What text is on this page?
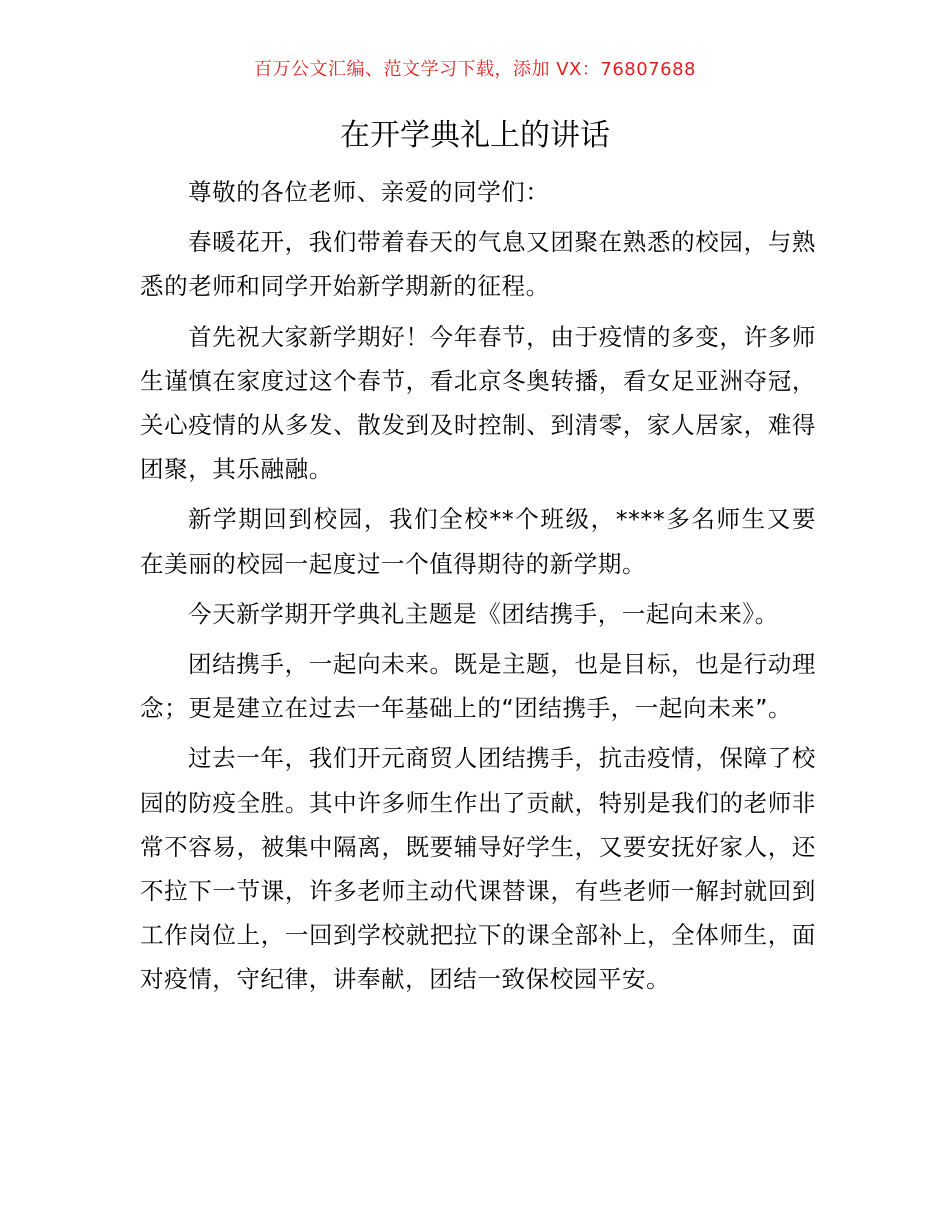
百万公文汇编、范文学习下载，添加 VX：76807688
在开学典礼上的讲话

尊敬的各位老师、亲爱的同学们：

春暖花开，我们带着春天的气息又团聚在熟悉的校园，与熟悉的老师和同学开始新学期新的征程。

首先祝大家新学期好！今年春节，由于疫情的多变，许多师生谨慎在家度过这个春节，看北京冬奥转播，看女足亚洲夺冠，关心疫情的从多发、散发到及时控制、到清零，家人居家，难得团聚，其乐融融。

新学期回到校园，我们全校**个班级，****多名师生又要在美丽的校园一起度过一个值得期待的新学期。

今天新学期开学典礼主题是《团结携手，一起向未来》。

团结携手，一起向未来。既是主题，也是目标，也是行动理念；更是建立在过去一年基础上的“团结携手，一起向未来”。

过去一年，我们开元商贸人团结携手，抗击疫情，保障了校园的防疫全胜。其中许多师生作出了贡献，特别是我们的老师非常不容易，被集中隔离，既要辅导好学生，又要安抚好家人，还不拉下一节课，许多老师主动代课替课，有些老师一解封就回到工作岗位上，一回到学校就把拉下的课全部补上，全体师生，面对疫情，守纪律，讲奉献，团结一致保校园平安。
